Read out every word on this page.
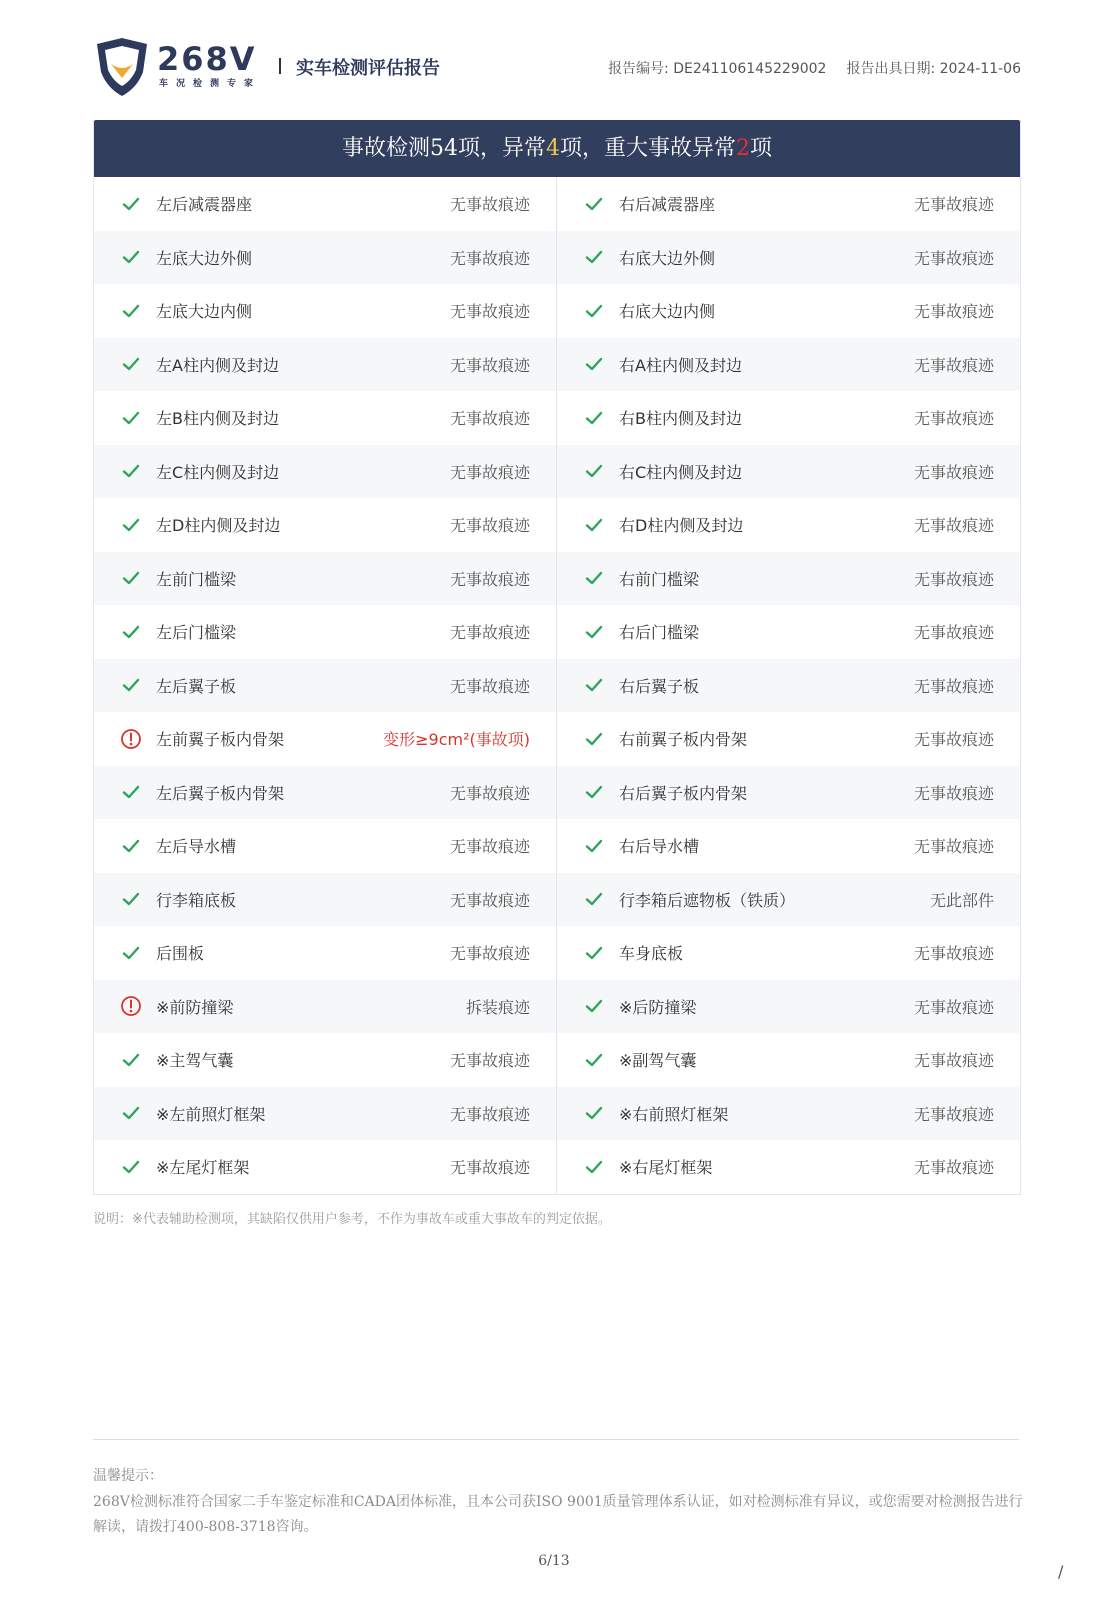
268V
车况检测专家
实车检测评估报告	报告编号: DE241106145229002 报告出具日期: 2024-11-06
事故检测54项，异常4项，重大事故异常2项
左后减震器座	无事故痕迹	右后减震器座	无事故痕迹
左底大边外侧	无事故痕迹	右底大边外侧	无事故痕迹
左底大边内侧	无事故痕迹	右底大边内侧	无事故痕迹
左A柱内侧及封边	无事故痕迹	右A柱内侧及封边	无事故痕迹
左B柱内侧及封边	无事故痕迹	右B柱内侧及封边	无事故痕迹
左C柱内侧及封边	无事故痕迹	右C柱内侧及封边	无事故痕迹
左D柱内侧及封边	无事故痕迹	右D柱内侧及封边	无事故痕迹
左前门槛梁	无事故痕迹	右前门槛梁	无事故痕迹
左后门槛梁	无事故痕迹	右后门槛梁	无事故痕迹
左后翼子板	无事故痕迹	右后翼子板	无事故痕迹
左前翼子板内骨架	变形≥9cm²(事故项)	右前翼子板内骨架	无事故痕迹
左后翼子板内骨架	无事故痕迹	右后翼子板内骨架	无事故痕迹
左后导水槽	无事故痕迹	右后导水槽	无事故痕迹
行李箱底板	无事故痕迹	行李箱后遮物板（铁质）	无此部件
后围板	无事故痕迹	车身底板	无事故痕迹
※前防撞梁	拆装痕迹	※后防撞梁	无事故痕迹
※主驾气囊	无事故痕迹	※副驾气囊	无事故痕迹
※左前照灯框架	无事故痕迹	※右前照灯框架	无事故痕迹
※左尾灯框架	无事故痕迹	※右尾灯框架	无事故痕迹
说明：※代表辅助检测项，其缺陷仅供用户参考，不作为事故车或重大事故车的判定依据。
温馨提示：
268V检测标准符合国家二手车鉴定标准和CADA团体标准，且本公司获ISO 9001质量管理体系认证，如对检测标准有异议，或您需要对检测报告进行解读，请拨打400-808-3718咨询。
6/13
/
